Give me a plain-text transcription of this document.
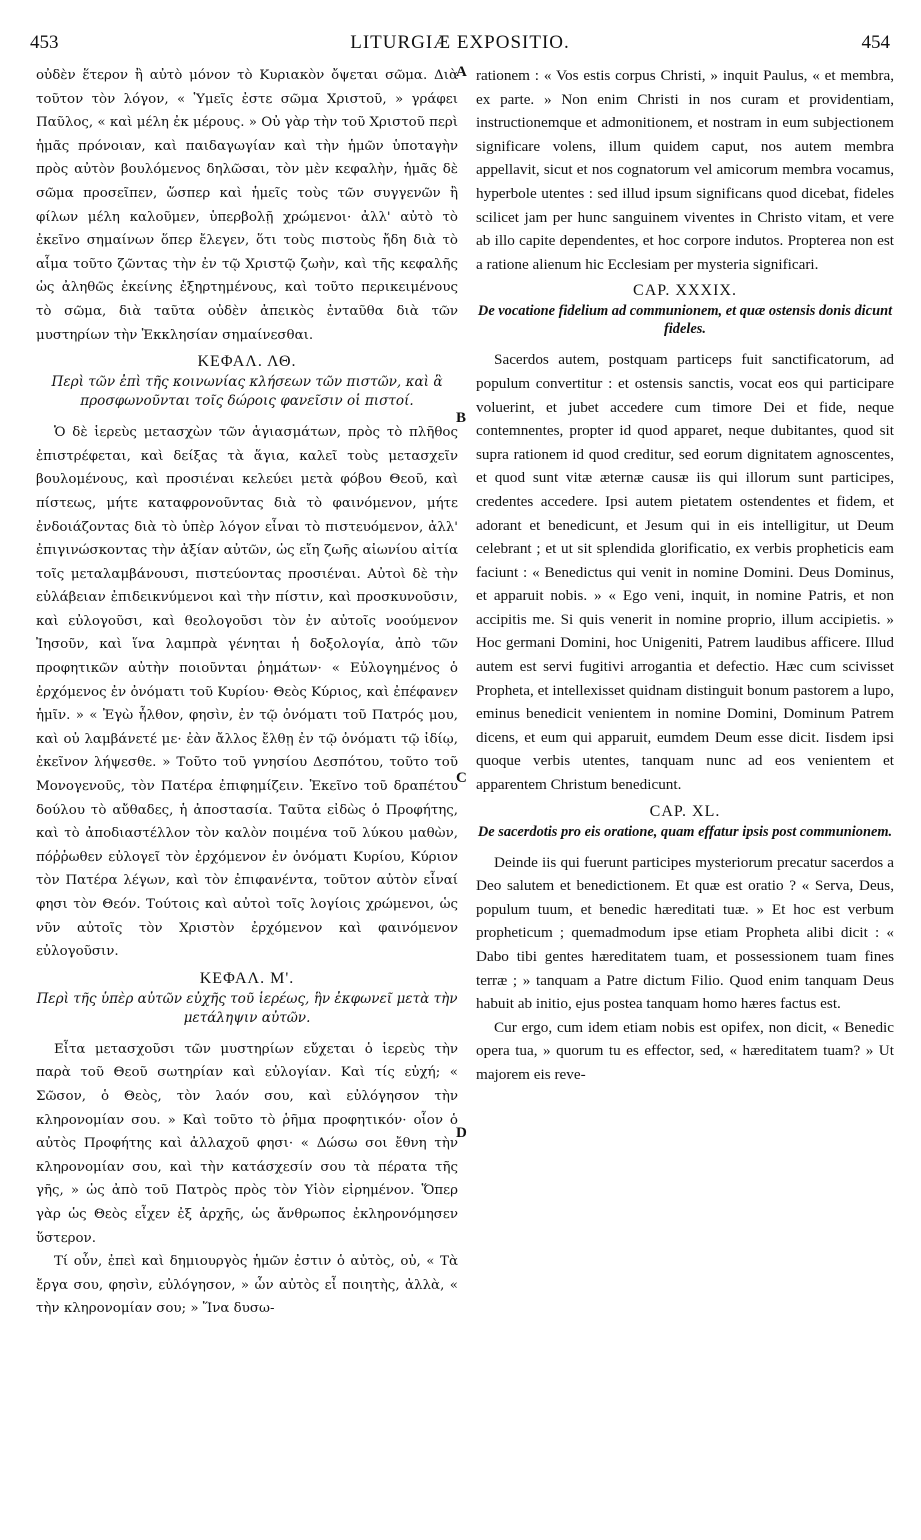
LITURGIÆ EXPOSITIO.
453	454
A
B
C
D

οὐδὲν ἕτερον ἢ αὐτὸ μόνον τὸ Κυριακὸν ὄψεται σῶμα. Διὰ τοῦτον τὸν λόγον, « Ὑμεῖς ἐστε σῶμα Χριστοῦ, » γράφει Παῦλος, « καὶ μέλη ἐκ μέρους. » Οὐ γὰρ τὴν τοῦ Χριστοῦ περὶ ἡμᾶς πρόνοιαν, καὶ παιδαγωγίαν καὶ τὴν ἡμῶν ὑποταγὴν πρὸς αὐτὸν βουλόμενος δηλῶσαι, τὸν μὲν κεφαλὴν, ἡμᾶς δὲ σῶμα προσεῖπεν, ὥσπερ καὶ ἡμεῖς τοὺς τῶν συγγενῶν ἢ φίλων μέλη καλοῦμεν, ὑπερβολῇ χρώμενοι· ἀλλ' αὐτὸ τὸ ἐκεῖνο σημαίνων ὅπερ ἔλεγεν, ὅτι τοὺς πιστοὺς ἤδη διὰ τὸ αἷμα τοῦτο ζῶντας τὴν ἐν τῷ Χριστῷ ζωὴν, καὶ τῆς κεφαλῆς ὡς ἀληθῶς ἐκείνης ἐξηρτημένους, καὶ τοῦτο περικειμένους τὸ σῶμα, διὰ ταῦτα οὐδὲν ἀπεικὸς ἐνταῦθα διὰ τῶν μυστηρίων τὴν Ἐκκλησίαν σημαίνεσθαι.

ΚΕΦΑΛ. ΛΘ.

Περὶ τῶν ἐπὶ τῆς κοινωνίας κλήσεων τῶν πιστῶν, καὶ ἃ προσφωνοῦνται τοῖς δώροις φανεῖσιν οἱ πιστοί.

Ὁ δὲ ἱερεὺς μετασχὼν τῶν ἁγιασμάτων, πρὸς τὸ πλῆθος ἐπιστρέφεται, καὶ δείξας τὰ ἅγια, καλεῖ τοὺς μετασχεῖν βουλομένους, καὶ προσιέναι κελεύει μετὰ φόβου Θεοῦ, καὶ πίστεως, μήτε καταφρονοῦντας διὰ τὸ φαινόμενον, μήτε ἐνδοιάζοντας διὰ τὸ ὑπὲρ λόγον εἶναι τὸ πιστευόμενον, ἀλλ' ἐπιγινώσκοντας τὴν ἀξίαν αὐτῶν, ὡς εἴη ζωῆς αἰωνίου αἰτία τοῖς μεταλαμβάνουσι, πιστεύοντας προσιέναι. Αὐτοὶ δὲ τὴν εὐλάβειαν ἐπιδεικνύμενοι καὶ τὴν πίστιν, καὶ προσκυνοῦσιν, καὶ εὐλογοῦσι, καὶ θεολογοῦσι τὸν ἐν αὐτοῖς νοούμενον Ἰησοῦν, καὶ ἵνα λαμπρὰ γένηται ἡ δοξολογία, ἀπὸ τῶν προφητικῶν αὐτὴν ποιοῦνται ῥημάτων· « Εὐλογημένος ὁ ἐρχόμενος ἐν ὀνόματι τοῦ Κυρίου· Θεὸς Κύριος, καὶ ἐπέφανεν ἡμῖν. » « Ἐγὼ ἦλθον, φησὶν, ἐν τῷ ὀνόματι τοῦ Πατρός μου, καὶ οὐ λαμβάνετέ με· ἐὰν ἄλλος ἔλθῃ ἐν τῷ ὀνόματι τῷ ἰδίῳ, ἐκεῖνον λήψεσθε. » Τοῦτο τοῦ γνησίου Δεσπότου, τοῦτο τοῦ Μονογενοῦς, τὸν Πατέρα ἐπιφημίζειν. Ἐκεῖνο τοῦ δραπέτου δούλου τὸ αὔθαδες, ἡ ἀποστασία. Ταῦτα εἰδὼς ὁ Προφήτης, καὶ τὸ ἀποδιαστέλλον τὸν καλὸν ποιμένα τοῦ λύκου μαθὼν, πόῤῥωθεν εὐλογεῖ τὸν ἐρχόμενον ἐν ὀνόματι Κυρίου, Κύριον τὸν Πατέρα λέγων, καὶ τὸν ἐπιφανέντα, τοῦτον αὐτὸν εἶναί φησι τὸν Θεόν. Τούτοις καὶ αὐτοὶ τοῖς λογίοις χρώμενοι, ὡς νῦν αὐτοῖς τὸν Χριστὸν ἐρχόμενον καὶ φαινόμενον εὐλογοῦσιν.

ΚΕΦΑΛ. Μ'.

Περὶ τῆς ὑπὲρ αὐτῶν εὐχῆς τοῦ ἱερέως, ἣν ἐκφωνεῖ μετὰ τὴν μετάληψιν αὐτῶν.

Εἶτα μετασχοῦσι τῶν μυστηρίων εὔχεται ὁ ἱερεὺς τὴν παρὰ τοῦ Θεοῦ σωτηρίαν καὶ εὐλογίαν. Καὶ τίς εὐχή; « Σῶσον, ὁ Θεὸς, τὸν λαόν σου, καὶ εὐλόγησον τὴν κληρονομίαν σου. » Καὶ τοῦτο τὸ ῥῆμα προφητικόν· οἷον ὁ αὐτὸς Προφήτης καὶ ἀλλαχοῦ φησι· « Δώσω σοι ἔθνη τὴν κληρονομίαν σου, καὶ τὴν κατάσχεσίν σου τὰ πέρατα τῆς γῆς, » ὡς ἀπὸ τοῦ Πατρὸς πρὸς τὸν Υἱὸν εἰρημένον. Ὅπερ γὰρ ὡς Θεὸς εἶχεν ἐξ ἀρχῆς, ὡς ἄνθρωπος ἐκληρονόμησεν ὕστερον.

Τί οὖν, ἐπεὶ καὶ δημιουργὸς ἡμῶν ἐστιν ὁ αὐτὸς, οὐ, « Τὰ ἔργα σου, φησὶν, εὐλόγησον, » ὧν αὐτὸς εἶ ποιητὴς, ἀλλὰ, « τὴν κληρονομίαν σου; » Ἵνα δυσω-

rationem : « Vos estis corpus Christi, » inquit Paulus, « et membra, ex parte. » Non enim Christi in nos curam et providentiam, instructionemque et admonitionem, et nostram in eum subjectionem significare volens, illum quidem caput, nos autem membra appellavit, sicut et nos cognatorum vel amicorum membra vocamus, hyperbole utentes : sed illud ipsum significans quod dicebat, fideles scilicet jam per hunc sanguinem viventes in Christo vitam, et vere ab illo capite dependentes, et hoc corpore indutos. Propterea non est a ratione alienum hic Ecclesiam per mysteria significari.

CAP. XXXIX.

De vocatione fidelium ad communionem, et quæ ostensis donis dicunt fideles.

Sacerdos autem, postquam particeps fuit sanctificatorum, ad populum convertitur : et ostensis sanctis, vocat eos qui participare voluerint, et jubet accedere cum timore Dei et fide, neque contemnentes, propter id quod apparet, neque dubitantes, quod sit supra rationem id quod creditur, sed eorum dignitatem agnoscentes, et quod sunt vitæ æternæ causæ iis qui illorum sunt participes, credentes accedere. Ipsi autem pietatem ostendentes et fidem, et adorant et benedicunt, et Jesum qui in eis intelligitur, ut Deum celebrant ; et ut sit splendida glorificatio, ex verbis propheticis eam faciunt : « Benedictus qui venit in nomine Domini. Deus Dominus, et apparuit nobis. » « Ego veni, inquit, in nomine Patris, et non accipitis me. Si quis venerit in nomine proprio, illum accipietis. » Hoc germani Domini, hoc Unigeniti, Patrem laudibus afficere. Illud autem est servi fugitivi arrogantia et defectio. Hæc cum scivisset Propheta, et intellexisset quidnam distinguit bonum pastorem a lupo, eminus benedicit venientem in nomine Domini, Dominum Patrem dicens, et eum qui apparuit, eumdem Deum esse dicit. Iisdem ipsi quoque verbis utentes, tanquam nunc ad eos venientem et apparentem Christum benedicunt.

CAP. XL.

De sacerdotis pro eis oratione, quam effatur ipsis post communionem.

Deinde iis qui fuerunt participes mysteriorum precatur sacerdos a Deo salutem et benedictionem. Et quæ est oratio ? « Serva, Deus, populum tuum, et benedic hæreditati tuæ. » Et hoc est verbum propheticum ; quemadmodum ipse etiam Propheta alibi dicit : « Dabo tibi gentes hæreditatem tuam, et possessionem tuam fines terræ ; » tanquam a Patre dictum Filio. Quod enim tanquam Deus habuit ab initio, ejus postea tanquam homo hæres factus est.

Cur ergo, cum idem etiam nobis est opifex, non dicit, « Benedic opera tua, » quorum tu es effector, sed, « hæreditatem tuam? » Ut majorem eis reve-
